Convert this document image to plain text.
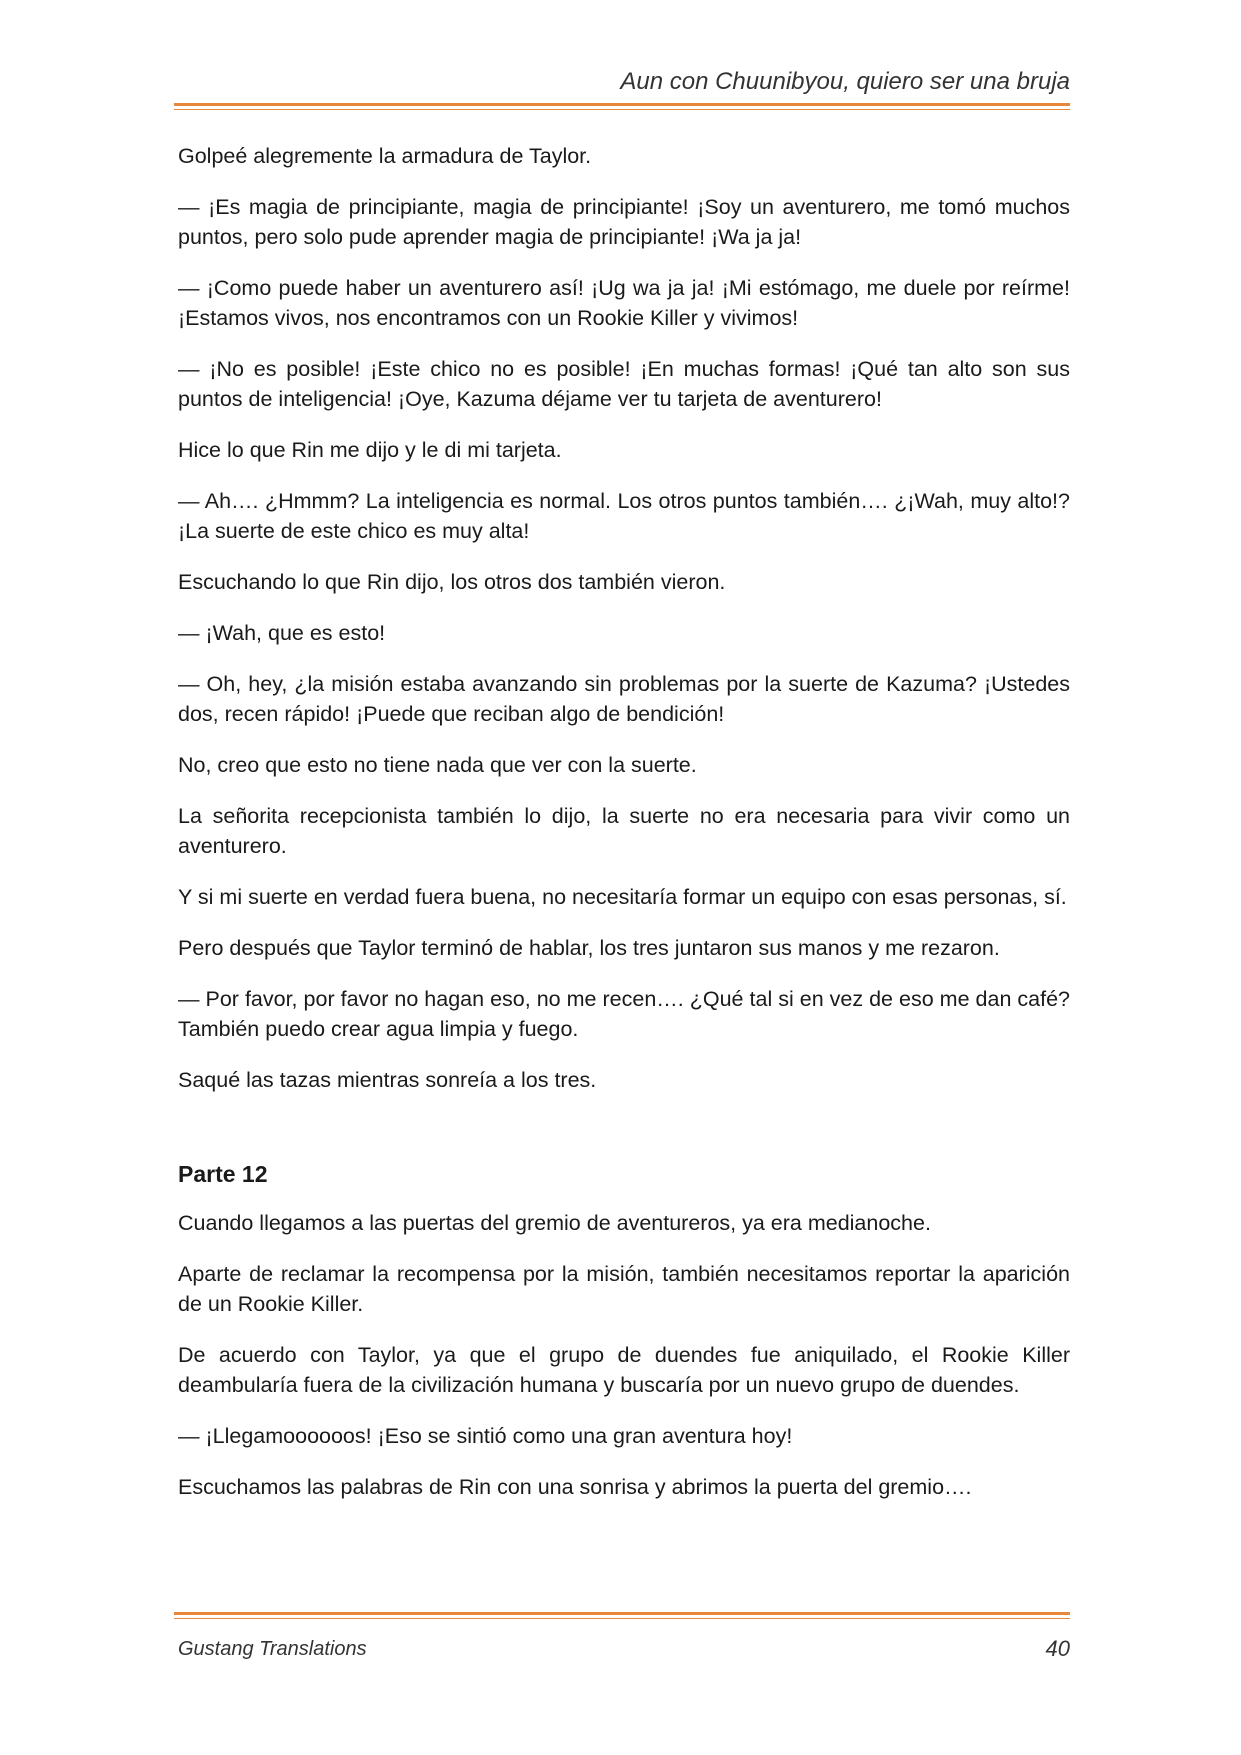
Aun con Chuunibyou, quiero ser una bruja

Golpeé alegremente la armadura de Taylor.

— ¡Es magia de principiante, magia de principiante! ¡Soy un aventurero, me tomó muchos puntos, pero solo pude aprender magia de principiante! ¡Wa ja ja!

— ¡Como puede haber un aventurero así! ¡Ug wa ja ja! ¡Mi estómago, me duele por reírme! ¡Estamos vivos, nos encontramos con un Rookie Killer y vivimos!

— ¡No es posible! ¡Este chico no es posible! ¡En muchas formas! ¡Qué tan alto son sus puntos de inteligencia! ¡Oye, Kazuma déjame ver tu tarjeta de aventurero!

Hice lo que Rin me dijo y le di mi tarjeta.

— Ah…. ¿Hmmm? La inteligencia es normal. Los otros puntos también…. ¿¡Wah, muy alto!? ¡La suerte de este chico es muy alta!

Escuchando lo que Rin dijo, los otros dos también vieron.

— ¡Wah, que es esto!

— Oh, hey, ¿la misión estaba avanzando sin problemas por la suerte de Kazuma? ¡Ustedes dos, recen rápido! ¡Puede que reciban algo de bendición!

No, creo que esto no tiene nada que ver con la suerte.

La señorita recepcionista también lo dijo, la suerte no era necesaria para vivir como un aventurero.

Y si mi suerte en verdad fuera buena, no necesitaría formar un equipo con esas personas, sí.

Pero después que Taylor terminó de hablar, los tres juntaron sus manos y me rezaron.

— Por favor, por favor no hagan eso, no me recen…. ¿Qué tal si en vez de eso me dan café? También puedo crear agua limpia y fuego.

Saqué las tazas mientras sonreía a los tres.

Parte 12

Cuando llegamos a las puertas del gremio de aventureros, ya era medianoche.

Aparte de reclamar la recompensa por la misión, también necesitamos reportar la aparición de un Rookie Killer.

De acuerdo con Taylor, ya que el grupo de duendes fue aniquilado, el Rookie Killer deambularía fuera de la civilización humana y buscaría por un nuevo grupo de duendes.

— ¡Llegamoooooos! ¡Eso se sintió como una gran aventura hoy!

Escuchamos las palabras de Rin con una sonrisa y abrimos la puerta del gremio….

Gustang Translations	40
